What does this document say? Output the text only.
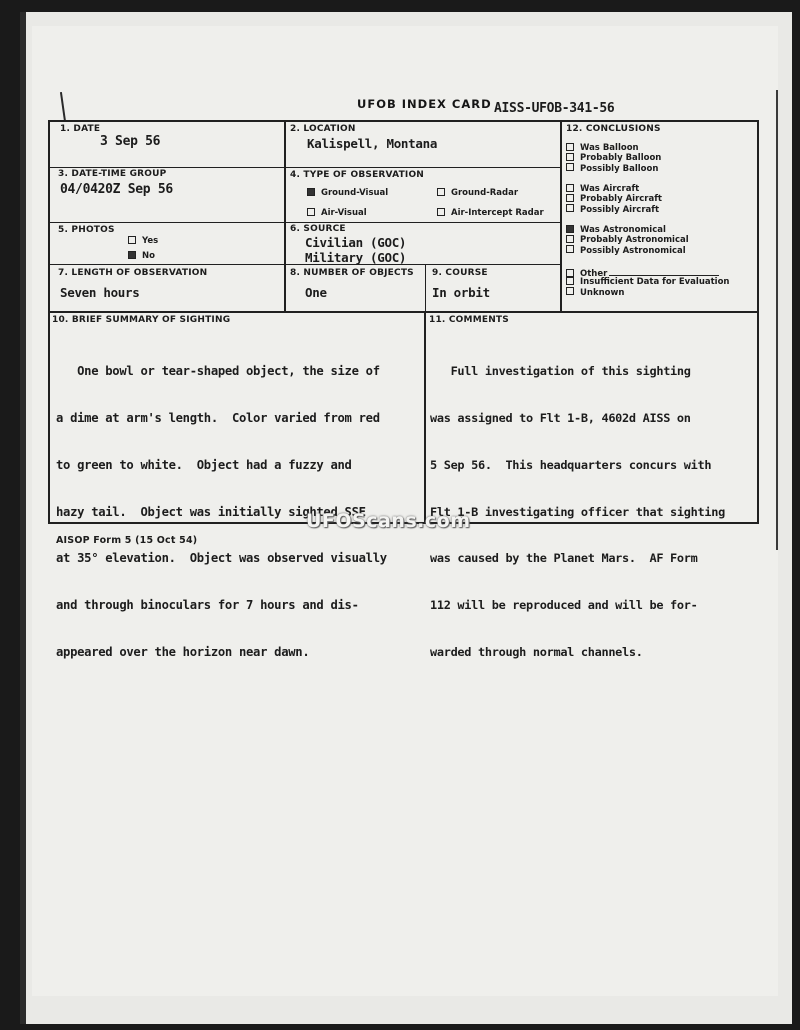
UFOB INDEX CARD AISS-UFOB-341-56
1. DATE
3 Sep 56
2. LOCATION
Kalispell, Montana
3. DATE-TIME GROUP
04/0420Z Sep 56
4. TYPE OF OBSERVATION
Ground-Visual	Ground-Radar
Air-Visual	Air-Intercept Radar
5. PHOTOS
Yes
No
6. SOURCE
Civilian (GOC)
Military (GOC)
7. LENGTH OF OBSERVATION
Seven hours
8. NUMBER OF OBJECTS
One
9. COURSE
In orbit
12. CONCLUSIONS
Was Balloon
Probably Balloon
Possibly Balloon
Was Aircraft
Probably Aircraft
Possibly Aircraft
Was Astronomical
Probably Astronomical
Possibly Astronomical
Other
Insufficient Data for Evaluation
Unknown
10. BRIEF SUMMARY OF SIGHTING

One bowl or tear-shaped object, the size of

a dime at arm's length.  Color varied from red

to green to white.  Object had a fuzzy and

hazy tail.  Object was initially sighted SSE

at 35° elevation.  Object was observed visually

and through binoculars for 7 hours and dis-

appeared over the horizon near dawn.

11. COMMENTS

Full investigation of this sighting

was assigned to Flt 1-B, 4602d AISS on

5 Sep 56.  This headquarters concurs with

Flt 1-B investigating officer that sighting

was caused by the Planet Mars.  AF Form

112 will be reproduced and will be for-

warded through normal channels.

AISOP Form 5 (15 Oct 54)
UFOScans.com
